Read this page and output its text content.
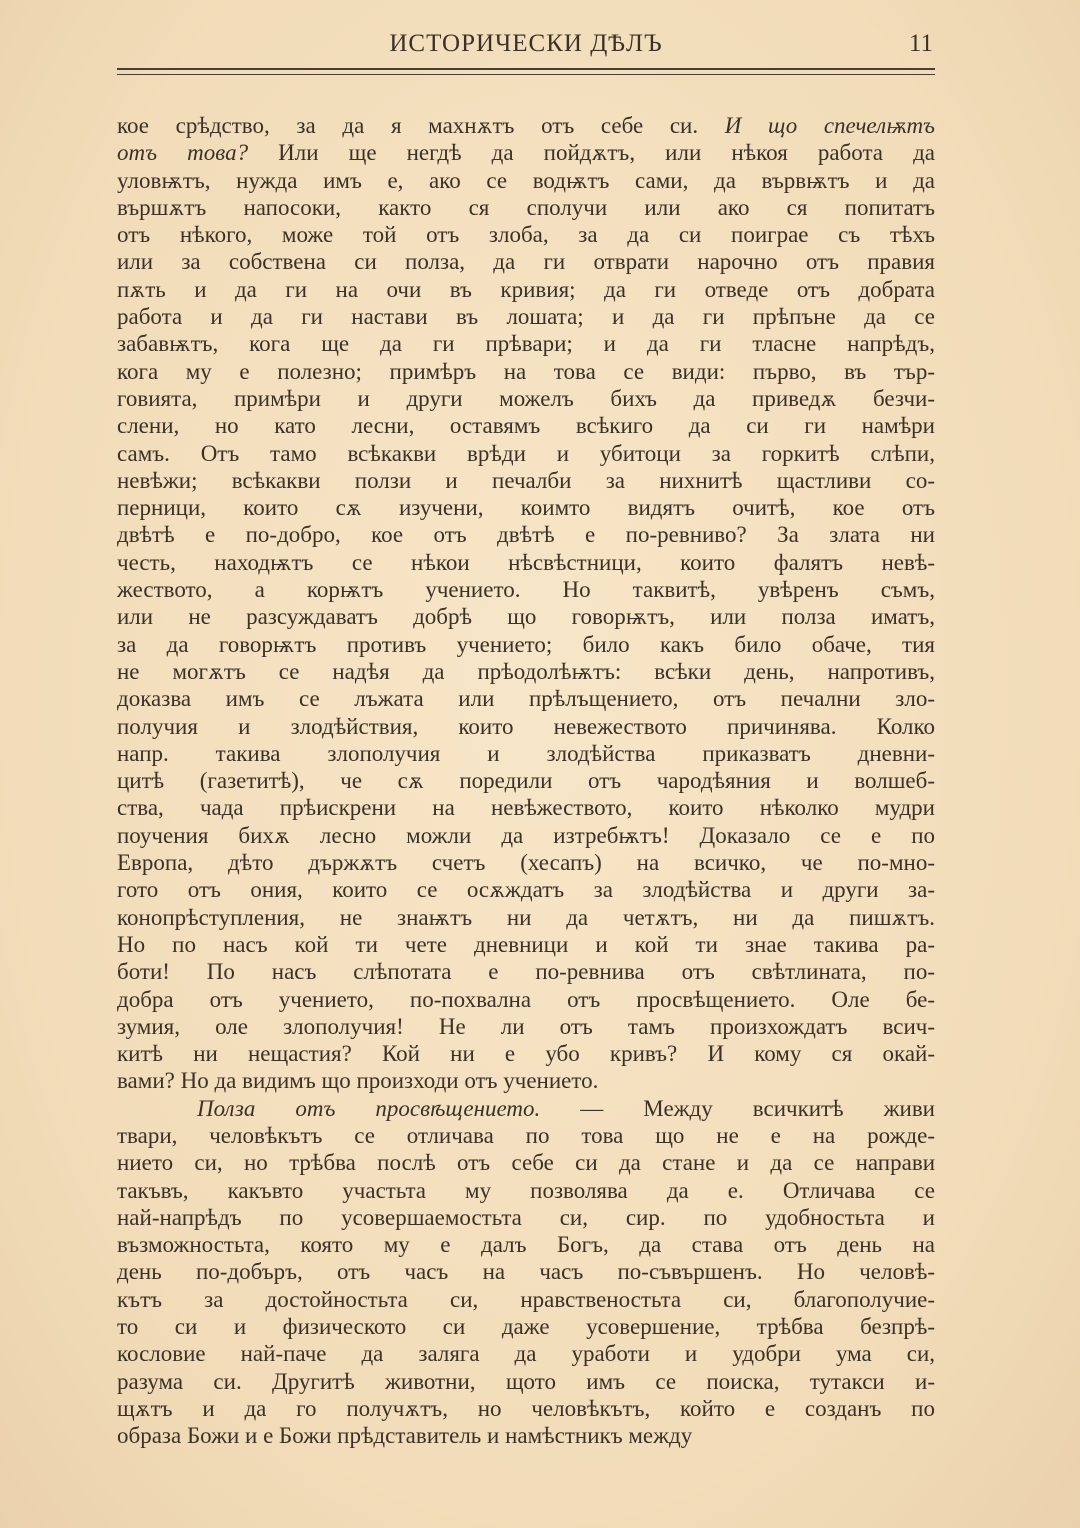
ИСТОРИЧЕСКИ ДѢЛЪ	11
кое срѣдство, за да я махнѫтъ отъ себе си. И що спечелѭтъ
отъ това? Или ще негдѣ да пойдѫтъ, или нѣкоя работа да
уловѭтъ, нужда имъ е, ако се водѭтъ сами, да вървѭтъ и да
вършѫтъ напосоки, както ся сполучи или ако ся попитатъ
отъ нѣкого, може той отъ злоба, за да си поиграе съ тѣхъ
или за собствена си полза, да ги отврати нарочно отъ правия
пѫть и да ги на очи въ кривия; да ги отведе отъ добрата
работа и да ги настави въ лошата; и да ги прѣпъне да се
забавѭтъ, кога ще да ги прѣвари; и да ги тласне напрѣдъ,
кога му е полезно; примѣръ на това се види: първо, въ тър-
говията, примѣри и други можелъ бихъ да приведѫ безчи-
слени, но като лесни, оставямъ всѣкиго да си ги намѣри
самъ. Отъ тамо всѣкакви врѣди и убитоци за горкитѣ слѣпи,
невѣжи; всѣкакви ползи и печалби за нихнитѣ щастливи со-
перници, които сѫ изучени, коимто видятъ очитѣ, кое отъ
двѣтѣ е по-добро, кое отъ двѣтѣ е по-ревниво? За злата ни
честь, находѭтъ се нѣкои нѣсвѣстници, които фалятъ невѣ-
жеството, а корѭтъ учението. Но таквитѣ, увѣренъ съмъ,
или не разсуждаватъ добрѣ що говорѭтъ, или полза иматъ,
за да говорѭтъ противъ учението; било какъ било обаче, тия
не могѫтъ се надѣя да прѣодолѣѭтъ: всѣки день, напротивъ,
доказва имъ се лъжата или прѣлъщението, отъ печални зло-
получия и злодѣйствия, които невежеството причинява. Колко
напр. такива злополучия и злодѣйства приказватъ дневни-
цитѣ (газетитѣ), че сѫ поредили отъ чародѣяния и волшеб-
ства, чада прѣискрени на невѣжеството, които нѣколко мудри
поучения бихѫ лесно можли да изтребѭтъ! Доказало се е по
Европа, дѣто държѫтъ счетъ (хесапъ) на всичко, че по-мно-
гото отъ ония, които се осѫждатъ за злодѣйства и други за-
конопрѣступления, не знаѭтъ ни да четѫтъ, ни да пишѫтъ.
Но по насъ кой ти чете дневници и кой ти знае такива ра-
боти! По насъ слѣпотата е по-ревнива отъ свѣтлината, по-
добра отъ учението, по-похвална отъ просвѣщението. Оле бе-
зумия, оле злополучия! Не ли отъ тамъ произхождатъ всич-
китѣ ни нещастия? Кой ни е убо кривъ? И кому ся окай-
вами? Но да видимъ що произходи отъ учението.
Полза отъ просвѣщението. — Между всичкитѣ живи
твари, человѣкътъ се отличава по това що не е на рожде-
нието си, но трѣбва послѣ отъ себе си да стане и да се направи
такъвъ, какъвто участьта му позволява да е. Отличава се
най-напрѣдъ по усовершаемостьта си, сир. по удобностьта и
възможностьта, която му е далъ Богъ, да става отъ день на
день по-добъръ, отъ часъ на часъ по-съвършенъ. Но человѣ-
кътъ за достойностьта си, нравственостьта си, благополучие-
то си и физическото си даже усовершение, трѣбва безпрѣ-
кословие най-паче да залягa да уработи и удобри ума си,
разума си. Другитѣ животни, щото имъ се поиска, тутакси и-
щѫтъ и да го получѫтъ, но человѣкътъ, който е созданъ по
образа Божи и е Божи прѣдставитель и намѣстникъ между
